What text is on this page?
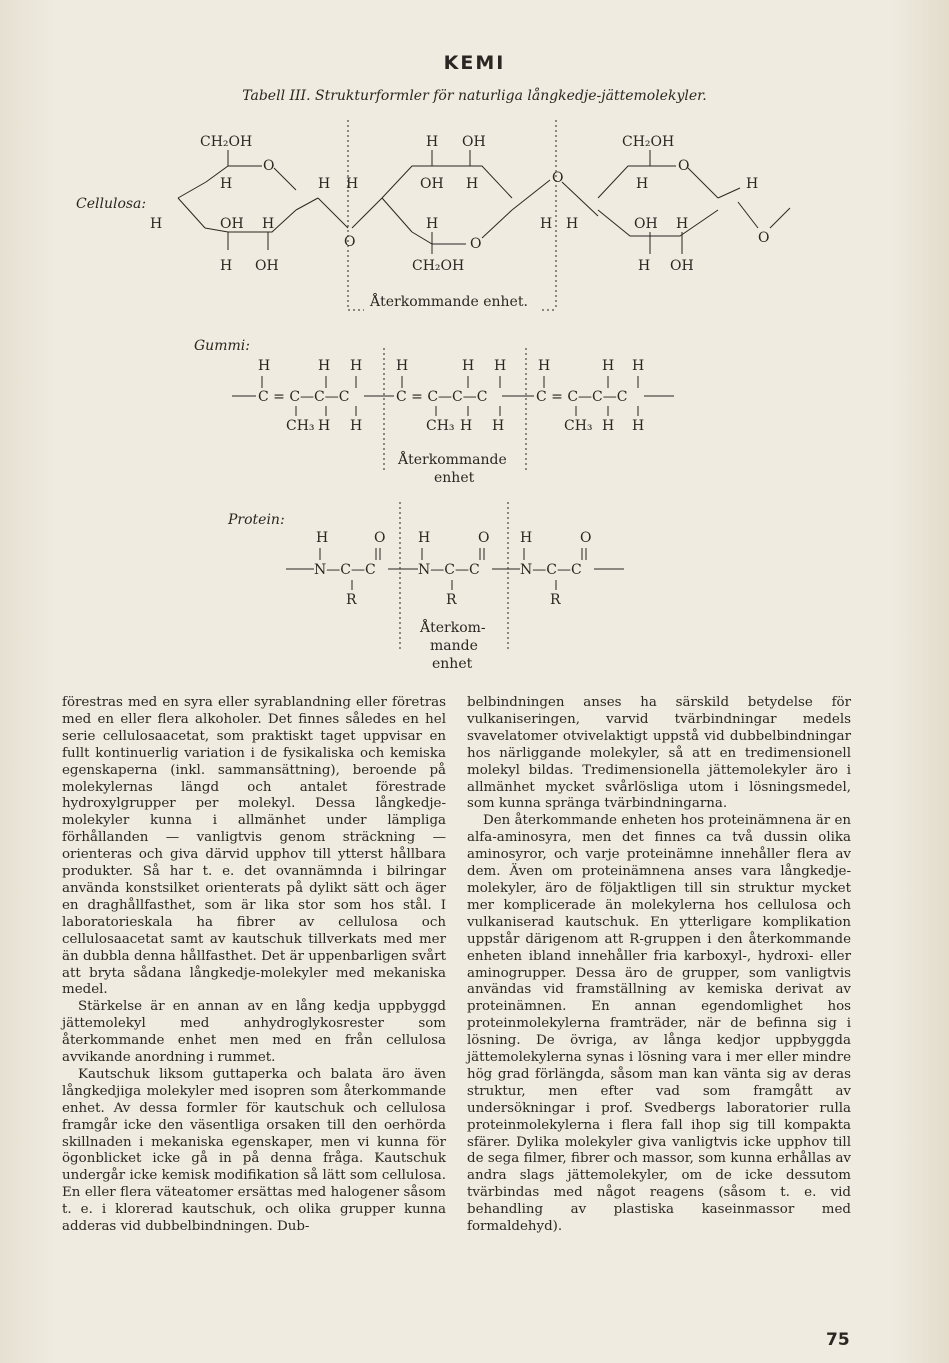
KEMI
Tabell III. Strukturformler för naturliga långkedje-jättemolekyler.
Cellulosa:
CH₂OH
O
H
H	OH H
H OH
H
O
H
H OH
OH H
H
O
CH₂OH
O
H H
CH₂OH
O
H
OH H
H OH
H
O
Återkommande enhet.
Gummi:
H	H H H	H H H	H H
C = C—C—C	C = C—C—C	C = C—C—C
CH₃ H H	CH₃ H H	CH₃ H H
Återkommande
enhet
Protein:
H	O H	O H	O
N—C—C	N—C—C	N—C—C
R	R	R
Återkom-
mande
enhet

förestras med en syra eller syrablandning eller företras med en eller flera alkoholer. Det finnes således en hel serie cellulosaacetat, som praktiskt taget uppvisar en fullt kontinuerlig variation i de fysikaliska och kemiska egenskaperna (inkl. sammansättning), beroende på molekylernas längd och antalet förestrade hydroxylgrupper per molekyl. Dessa långkedje-molekyler kunna i allmänhet under lämpliga förhållanden — vanligtvis genom sträckning — orienteras och giva därvid upphov till ytterst hållbara produkter. Så har t. e. det ovannämnda i bilringar använda konstsilket orienterats på dylikt sätt och äger en draghållfasthet, som är lika stor som hos stål. I laboratorieskala ha fibrer av cellulosa och cellulosaacetat samt av kautschuk tillverkats med mer än dubbla denna hållfasthet. Det är uppenbarligen svårt att bryta sådana långkedje-molekyler med mekaniska medel.

Stärkelse är en annan av en lång kedja uppbyggd jättemolekyl med anhydroglykosrester som återkommande enhet men med en från cellulosa avvikande anordning i rummet.

Kautschuk liksom guttaperka och balata äro även långkedjiga molekyler med isopren som återkommande enhet. Av dessa formler för kautschuk och cellulosa framgår icke den väsentliga orsaken till den oerhörda skillnaden i mekaniska egenskaper, men vi kunna för ögonblicket icke gå in på denna fråga. Kautschuk undergår icke kemisk modifikation så lätt som cellulosa. En eller flera väteatomer ersättas med halogener såsom t. e. i klorerad kautschuk, och olika grupper kunna adderas vid dubbelbindningen. Dub-

belbindningen anses ha särskild betydelse för vulkaniseringen, varvid tvärbindningar medels svavelatomer otvivelaktigt uppstå vid dubbelbindningar hos närliggande molekyler, så att en tredimensionell molekyl bildas. Tredimensionella jättemolekyler äro i allmänhet mycket svårlösliga utom i lösningsmedel, som kunna spränga tvärbindningarna.

Den återkommande enheten hos proteinämnena är en alfa-aminosyra, men det finnes ca två dussin olika aminosyror, och varje proteinämne innehåller flera av dem. Även om proteinämnena anses vara långkedje-molekyler, äro de följaktligen till sin struktur mycket mer komplicerade än molekylerna hos cellulosa och vulkaniserad kautschuk. En ytterligare komplikation uppstår därigenom att R-gruppen i den återkommande enheten ibland innehåller fria karboxyl-, hydroxi- eller aminogrupper. Dessa äro de grupper, som vanligtvis användas vid framställning av kemiska derivat av proteinämnen. En annan egendomlighet hos proteinmolekylerna framträder, när de befinna sig i lösning. De övriga, av långa kedjor uppbyggda jättemolekylerna synas i lösning vara i mer eller mindre hög grad förlängda, såsom man kan vänta sig av deras struktur, men efter vad som framgått av undersökningar i prof. Svedbergs laboratorier rulla proteinmolekylerna i flera fall ihop sig till kompakta sfärer. Dylika molekyler giva vanligtvis icke upphov till de sega filmer, fibrer och massor, som kunna erhållas av andra slags jättemolekyler, om de icke dessutom tvärbindas med något reagens (såsom t. e. vid behandling av plastiska kaseinmassor med formaldehyd).

75
